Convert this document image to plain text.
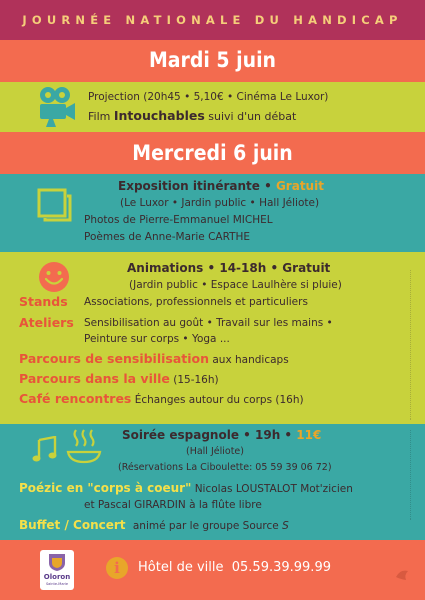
JOURNÉE NATIONALE DU HANDICAP
Mardi 5 juin
Projection (20h45 • 5,10€ • Cinéma Le Luxor)
Film Intouchables suivi d'un débat
Mercredi 6 juin
Exposition itinérante • Gratuit
(Le Luxor • Jardin public • Hall Jéliote)
Photos de Pierre-Emmanuel MICHEL
Poèmes de Anne-Marie CARTHE
Animations • 14-18h • Gratuit
(Jardin public • Espace Laulhère si pluie)
Stands Associations, professionnels et particuliers
Ateliers Sensibilisation au goût • Travail sur les mains •
Peinture sur corps • Yoga ...
Parcours de sensibilisation aux handicaps
Parcours dans la ville (15-16h)
Café rencontres Échanges autour du corps (16h)
Soirée espagnole • 19h • 11€
(Hall Jéliote)
(Réservations La Ciboulette: 05 59 39 06 72)
Poézic en "corps à coeur" Nicolas LOUSTALOT Mot'zicien
et Pascal GIRARDIN à la flûte libre
Buffet / Concert animé par le groupe Source S
Oloron
Sainte-Marie
i	Hôtel de ville  05.59.39.99.99
